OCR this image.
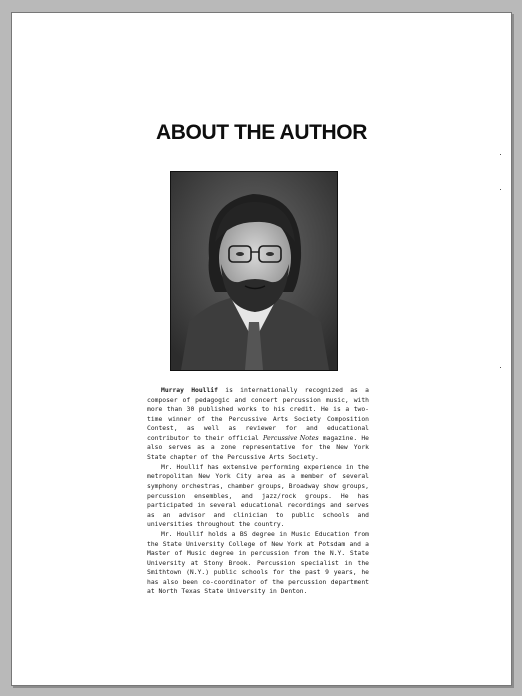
ABOUT THE AUTHOR

Murray Houllif is internationally recognized as a composer of pedagogic and concert percussion music, with more than 30 published works to his credit. He is a two-time winner of the Percussive Arts Society Composition Contest, as well as reviewer for and educational contributor to their official Percussive Notes magazine. He also serves as a zone representative for the New York State chapter of the Percussive Arts Society.

Mr. Houllif has extensive performing experience in the metropolitan New York City area as a member of several symphony orchestras, chamber groups, Broadway show groups, percussion ensembles, and jazz/rock groups. He has participated in several educational recordings and serves as an advisor and clinician to public schools and universities throughout the country.

Mr. Houllif holds a BS degree in Music Education from the State University College of New York at Potsdam and a Master of Music degree in percussion from the N.Y. State University at Stony Brook. Percussion specialist in the Smithtown (N.Y.) public schools for the past 9 years, he has also been co-coordinator of the percussion department at North Texas State University in Denton.
